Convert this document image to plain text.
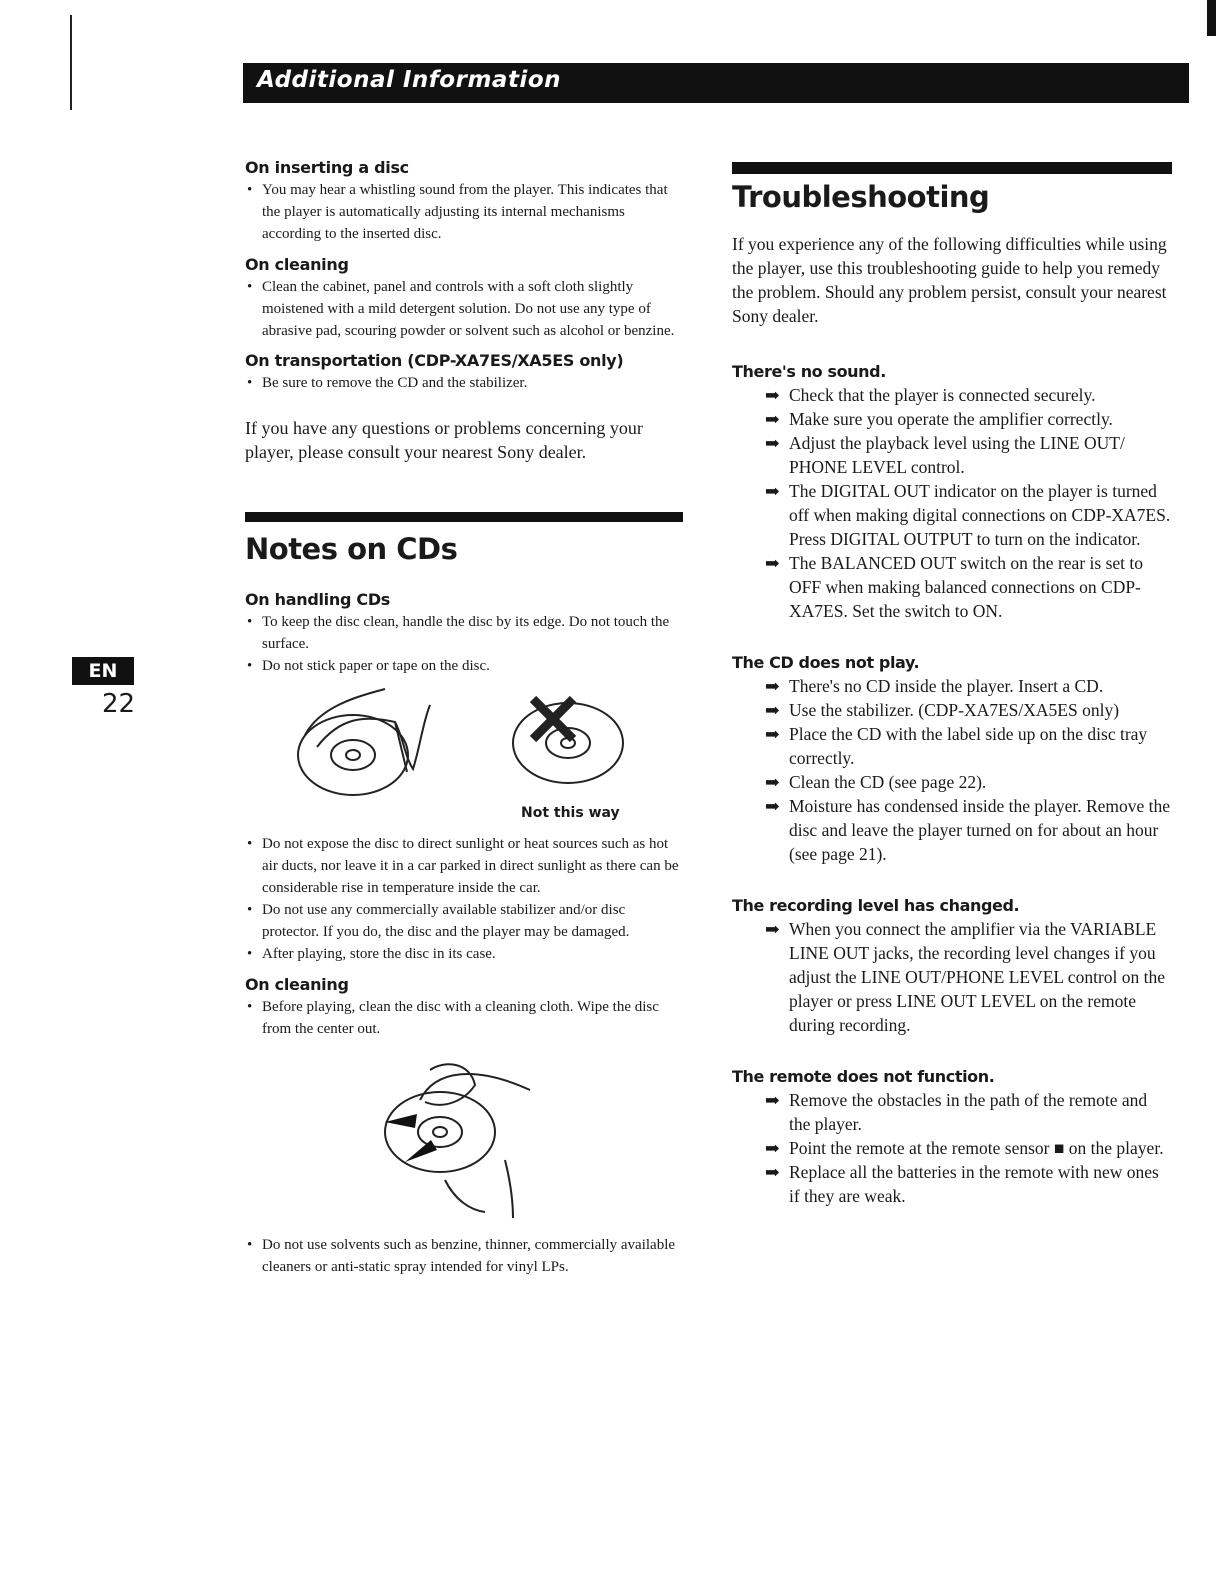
Additional Information
EN
22
On inserting a disc
• You may hear a whistling sound from the player. This indicates that the player is automatically adjusting its internal mechanisms according to the inserted disc.
On cleaning
• Clean the cabinet, panel and controls with a soft cloth slightly moistened with a mild detergent solution. Do not use any type of abrasive pad, scouring powder or solvent such as alcohol or benzine.
On transportation (CDP-XA7ES/XA5ES only)
• Be sure to remove the CD and the stabilizer.
If you have any questions or problems concerning your player, please consult your nearest Sony dealer.
Notes on CDs
On handling CDs
• To keep the disc clean, handle the disc by its edge. Do not touch the surface.
• Do not stick paper or tape on the disc.
Not this way
• Do not expose the disc to direct sunlight or heat sources such as hot air ducts, nor leave it in a car parked in direct sunlight as there can be considerable rise in temperature inside the car.
• Do not use any commercially available stabilizer and/or disc protector. If you do, the disc and the player may be damaged.
• After playing, store the disc in its case.
On cleaning
• Before playing, clean the disc with a cleaning cloth. Wipe the disc from the center out.
• Do not use solvents such as benzine, thinner, commercially available cleaners or anti-static spray intended for vinyl LPs.
Troubleshooting
If you experience any of the following difficulties while using the player, use this troubleshooting guide to help you remedy the problem. Should any problem persist, consult your nearest Sony dealer.
There's no sound.
➡ Check that the player is connected securely.
➡ Make sure you operate the amplifier correctly.
➡ Adjust the playback level using the LINE OUT/ PHONE LEVEL control.
➡ The DIGITAL OUT indicator on the player is turned off when making digital connections on CDP-XA7ES. Press DIGITAL OUTPUT to turn on the indicator.
➡ The BALANCED OUT switch on the rear is set to OFF when making balanced connections on CDP-XA7ES. Set the switch to ON.
The CD does not play.
➡ There's no CD inside the player. Insert a CD.
➡ Use the stabilizer. (CDP-XA7ES/XA5ES only)
➡ Place the CD with the label side up on the disc tray correctly.
➡ Clean the CD (see page 22).
➡ Moisture has condensed inside the player. Remove the disc and leave the player turned on for about an hour (see page 21).
The recording level has changed.
➡ When you connect the amplifier via the VARIABLE LINE OUT jacks, the recording level changes if you adjust the LINE OUT/PHONE LEVEL control on the player or press LINE OUT LEVEL on the remote during recording.
The remote does not function.
➡ Remove the obstacles in the path of the remote and the player.
➡ Point the remote at the remote sensor ■ on the player.
➡ Replace all the batteries in the remote with new ones if they are weak.
